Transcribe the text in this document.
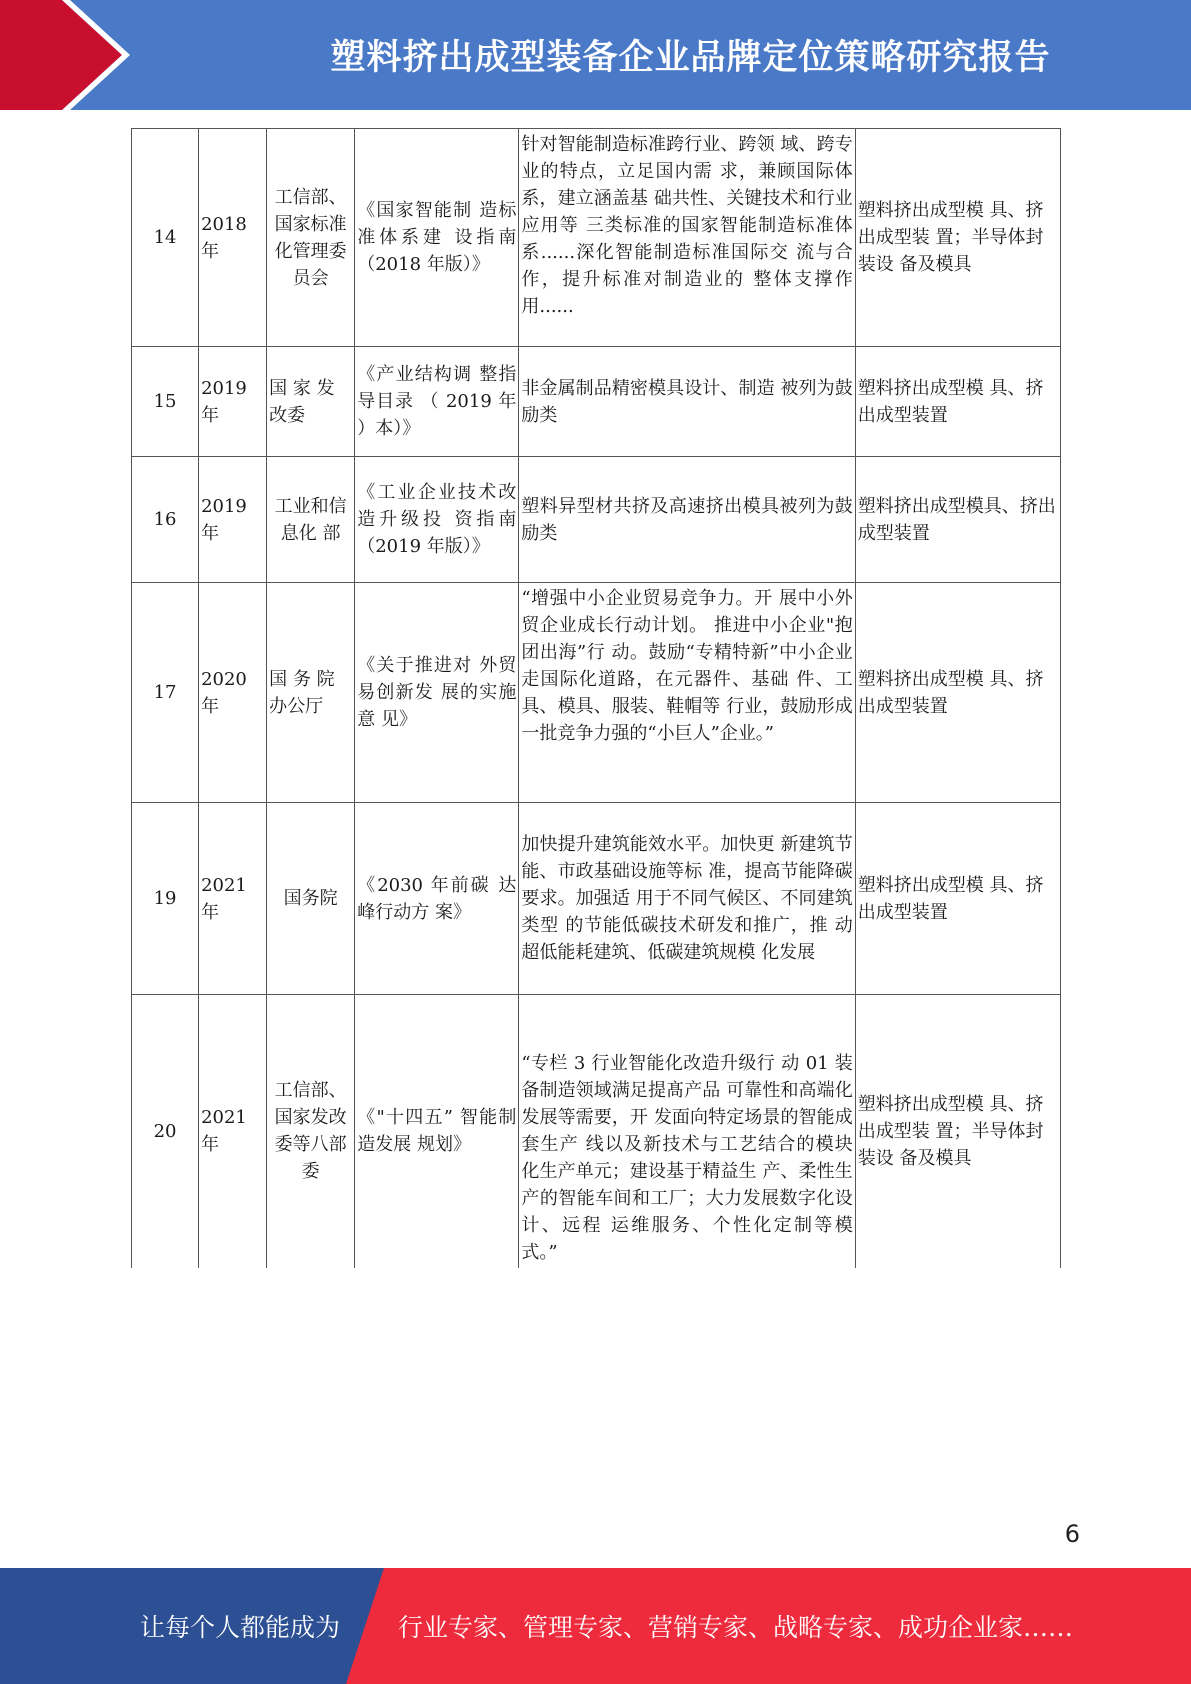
塑料挤出成型装备企业品牌定位策略研究报告
14	2018 年	工信部、国家标准化管理委员会	《国家智能制 造标准体系建 设指南（2018 年版）》	针对智能制造标准跨行业、跨领 域、跨专业的特点，立足国内需 求，兼顾国际体系，建立涵盖基 础共性、关键技术和行业应用等 三类标准的国家智能制造标准体 系......深化智能制造标准国际交 流与合作，提升标准对制造业的 整体支撑作用......	塑料挤出成型模 具、挤出成型装 置；半导体封装设 备及模具
15	2019 年	国 家 发 改委	《产业结构调 整指导目录 （ 2019 年 ）本）》	非金属制品精密模具设计、制造 被列为鼓励类	塑料挤出成型模 具、挤出成型装置
16	2019 年	工业和信息化 部	《工业企业技术改造升级投 资指南（2019 年版）》	塑料异型材共挤及高速挤出模具被列为鼓励类	塑料挤出成型模具、挤出成型装置
17	2020 年	国 务 院 办公厅	《关于推进对 外贸易创新发 展的实施意 见》	“增强中小企业贸易竞争力。开 展中小外贸企业成长行动计划。 推进中小企业"抱团出海”行 动。鼓励“专精特新”中小企业 走国际化道路，在元器件、基础 件、工具、模具、服装、鞋帽等 行业，鼓励形成一批竞争力强的“小巨人”企业。”	塑料挤出成型模 具、挤出成型装置
19	2021 年	国务院	《2030 年前碳 达峰行动方 案》	加快提升建筑能效水平。加快更 新建筑节能、市政基础设施等标 准，提高节能降碳要求。加强适 用于不同气候区、不同建筑类型 的节能低碳技术研发和推广，推 动超低能耗建筑、低碳建筑规模 化发展	塑料挤出成型模 具、挤出成型装置
20	2021 年	工信部、国家发改委等八部委	《"十四五” 智能制造发展 规划》	“专栏 3 行业智能化改造升级行 动 01 装备制造领域满足提髙产品 可靠性和高端化发展等需要，开 发面向特定场景的智能成套生产 线以及新技术与工艺结合的模块 化生产单元；建设基于精益生 产、柔性生产的智能车间和工厂；大力发展数字化设计、远程 运维服务、个性化定制等模 式。”	塑料挤出成型模 具、挤出成型装 置；半导体封装设 备及模具
6
让每个人都能成为 行业专家、管理专家、营销专家、战略专家、成功企业家……
